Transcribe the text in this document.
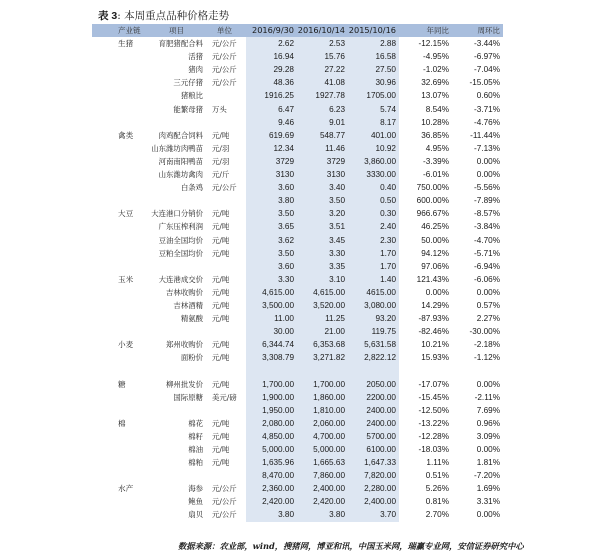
表 3: 本周重点品种价格走势
产业链	项目	单位	2016/9/30	2016/10/14	2015/10/16	年同比	周环比
生猪	育肥猪配合料	元/公斤	2.62	2.53	2.88	-12.15%	-3.44%
	活猪	元/公斤	16.94	15.76	16.58	-4.95%	-6.97%
	猪肉	元/公斤	29.28	27.22	27.50	-1.02%	-7.04%
	三元仔猪	元/公斤	48.36	41.08	30.96	32.69%	-15.05%
	猪粮比		1916.25	1927.78	1705.00	13.07%	0.60%
	能繁母猪	万头	6.47	6.23	5.74	8.54%	-3.71%
			9.46	9.01	8.17	10.28%	-4.76%
禽类	肉鸡配合饲料	元/吨	619.69	548.77	401.00	36.85%	-11.44%
	山东潍坊肉鸭苗	元/羽	12.34	11.46	10.92	4.95%	-7.13%
	河南南阳鸭苗	元/羽	3729	3729	3,860.00	-3.39%	0.00%
	山东潍坊禽肉	元/斤	3130	3130	3330.00	-6.01%	0.00%
	白条鸡	元/公斤	3.60	3.40	0.40	750.00%	-5.56%
			3.80	3.50	0.50	600.00%	-7.89%
大豆	大连港口分销价	元/吨	3.50	3.20	0.30	966.67%	-8.57%
	广东压榨利润	元/吨	3.65	3.51	2.40	46.25%	-3.84%
	豆油全国均价	元/吨	3.62	3.45	2.30	50.00%	-4.70%
	豆粕全国均价	元/吨	3.50	3.30	1.70	94.12%	-5.71%
			3.60	3.35	1.70	97.06%	-6.94%
玉米	大连港成交价	元/吨	3.30	3.10	1.40	121.43%	-6.06%
	吉林收购价	元/吨	4,615.00	4,615.00	4615.00	0.00%	0.00%
	吉林酒精	元/吨	3,500.00	3,520.00	3,080.00	14.29%	0.57%
	精氨酸	元/吨	11.00	11.25	93.20	-87.93%	2.27%
			30.00	21.00	119.75	-82.46%	-30.00%
小麦	郑州收购价	元/吨	6,344.74	6,353.68	5,631.58	10.21%	-2.18%
	面粉价	元/吨	3,308.79	3,271.82	2,822.12	15.93%	-1.12%

糖	柳州批发价	元/吨	1,700.00	1,700.00	2050.00	-17.07%	0.00%
	国际原糖	美元/磅	1,900.00	1,860.00	2200.00	-15.45%	-2.11%
			1,950.00	1,810.00	2400.00	-12.50%	7.69%
棉	棉花	元/吨	2,080.00	2,060.00	2400.00	-13.22%	0.96%
	棉籽	元/吨	4,850.00	4,700.00	5700.00	-12.28%	3.09%
	棉油	元/吨	5,000.00	5,000.00	6100.00	-18.03%	0.00%
	棉粕	元/吨	1,635.96	1,665.63	1,647.33	1.11%	1.81%
			8,470.00	7,860.00	7,820.00	0.51%	-7.20%
水产	海参	元/公斤	2,360.00	2,400.00	2,280.00	5.26%	1.69%
	鲍鱼	元/公斤	2,420.00	2,420.00	2,400.00	0.81%	3.31%
	扇贝	元/公斤	3.80	3.80	3.70	2.70%	0.00%
数据来源：农业部，wind，搜猪网，博亚和讯，中国玉米网，瑞赢专业网，安信证券研究中心
